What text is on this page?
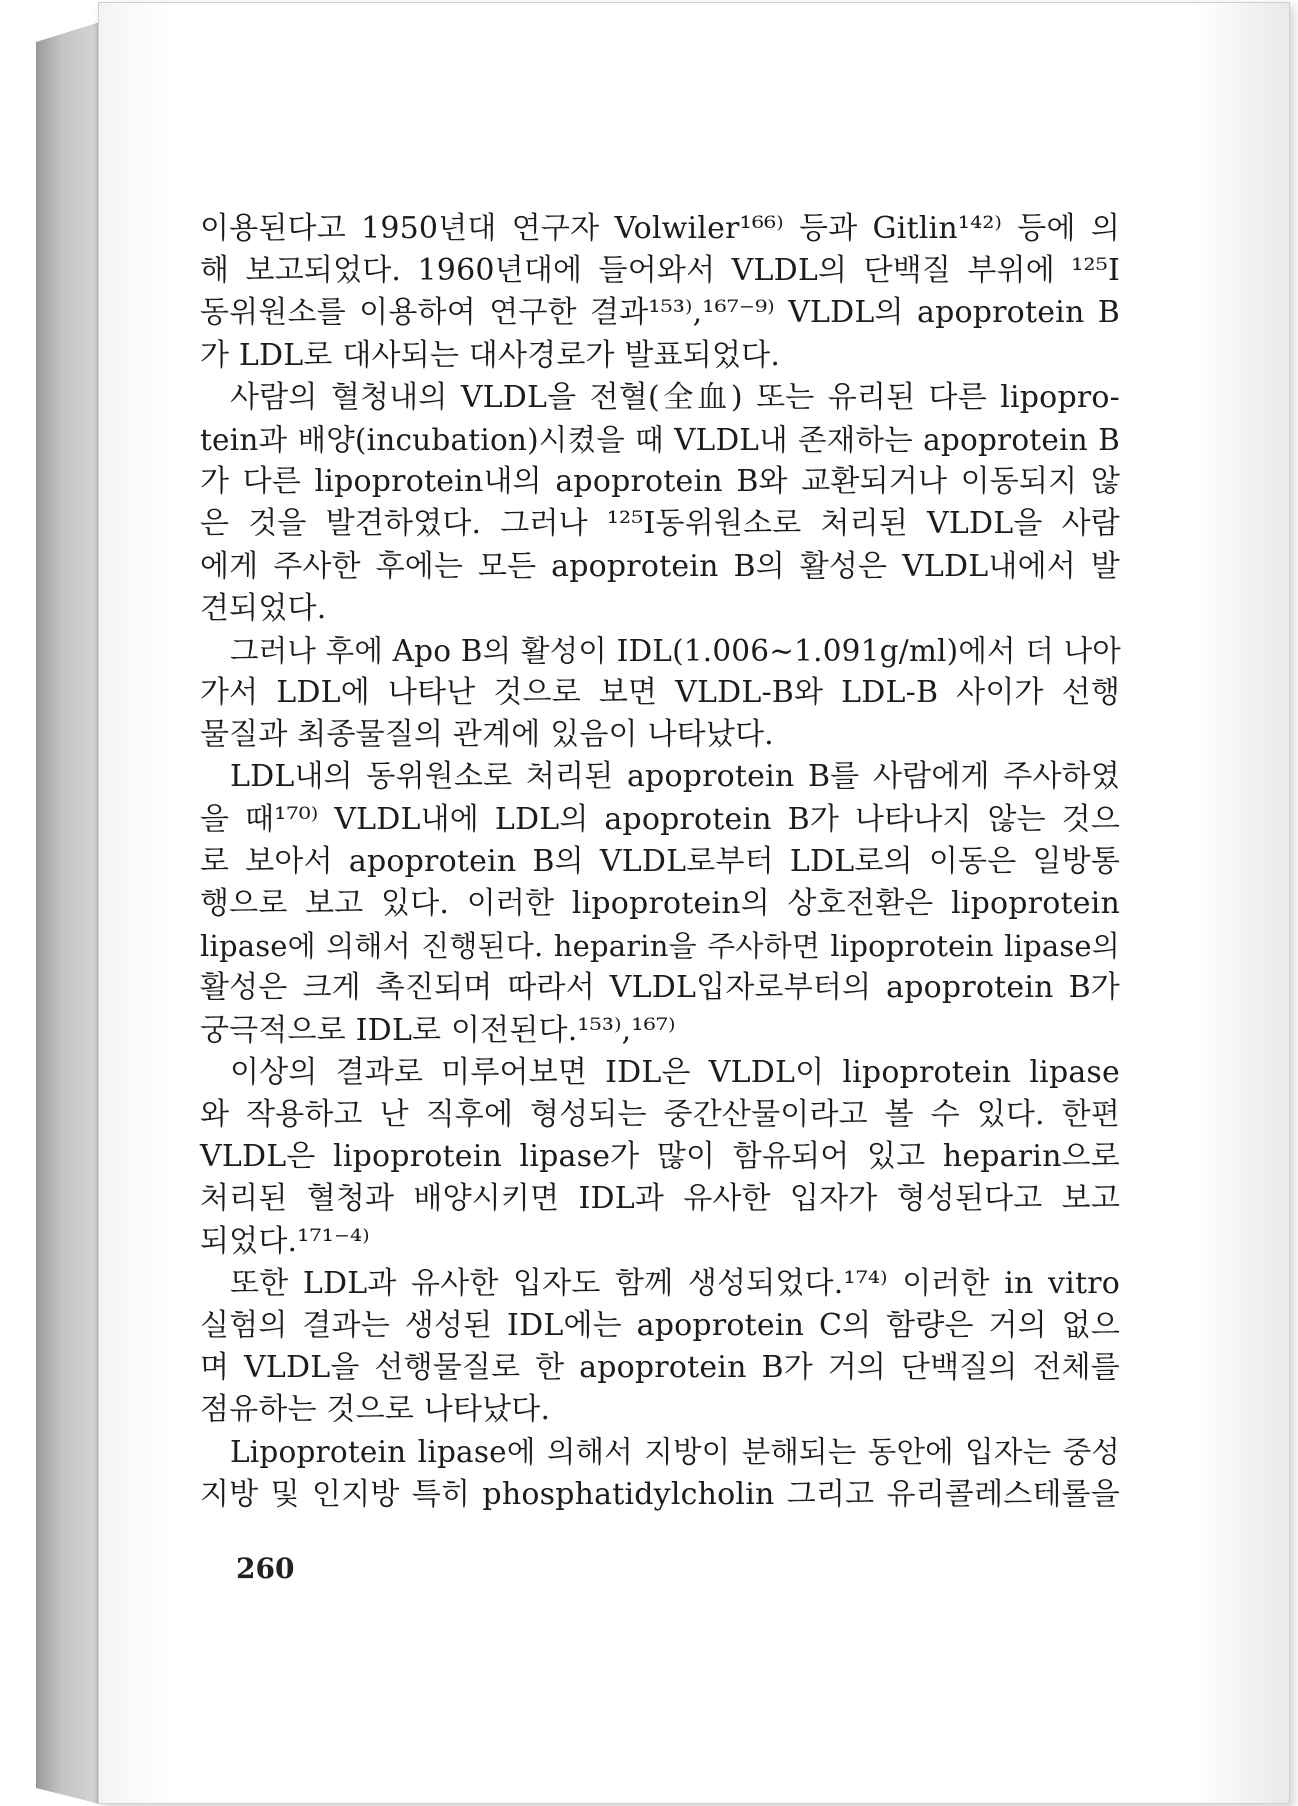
이용된다고 1950년대 연구자 Volwiler¹⁶⁶⁾ 등과 Gitlin¹⁴²⁾ 등에 의
해 보고되었다. 1960년대에 들어와서 VLDL의 단백질 부위에 ¹²⁵I
동위원소를 이용하여 연구한 결과¹⁵³⁾,¹⁶⁷⁻⁹⁾ VLDL의 apoprotein B
가 LDL로 대사되는 대사경로가 발표되었다.
사람의 혈청내의 VLDL을 전혈(全血) 또는 유리된 다른 lipopro-
tein과 배양(incubation)시켰을 때 VLDL내 존재하는 apoprotein B
가 다른 lipoprotein내의 apoprotein B와 교환되거나 이동되지 않
은 것을 발견하였다. 그러나 ¹²⁵I동위원소로 처리된 VLDL을 사람
에게 주사한 후에는 모든 apoprotein B의 활성은 VLDL내에서 발
견되었다.
그러나 후에 Apo B의 활성이 IDL(1.006∼1.091g/ml)에서 더 나아
가서 LDL에 나타난 것으로 보면 VLDL-B와 LDL-B 사이가 선행
물질과 최종물질의 관계에 있음이 나타났다.
LDL내의 동위원소로 처리된 apoprotein B를 사람에게 주사하였
을 때¹⁷⁰⁾ VLDL내에 LDL의 apoprotein B가 나타나지 않는 것으
로 보아서 apoprotein B의 VLDL로부터 LDL로의 이동은 일방통
행으로 보고 있다. 이러한 lipoprotein의 상호전환은 lipoprotein
lipase에 의해서 진행된다. heparin을 주사하면 lipoprotein lipase의
활성은 크게 촉진되며 따라서 VLDL입자로부터의 apoprotein B가
궁극적으로 IDL로 이전된다.¹⁵³⁾,¹⁶⁷⁾
이상의 결과로 미루어보면 IDL은 VLDL이 lipoprotein lipase
와 작용하고 난 직후에 형성되는 중간산물이라고 볼 수 있다. 한편
VLDL은 lipoprotein lipase가 많이 함유되어 있고 heparin으로
처리된 혈청과 배양시키면 IDL과 유사한 입자가 형성된다고 보고
되었다.¹⁷¹⁻⁴⁾
또한 LDL과 유사한 입자도 함께 생성되었다.¹⁷⁴⁾ 이러한 in vitro
실험의 결과는 생성된 IDL에는 apoprotein C의 함량은 거의 없으
며 VLDL을 선행물질로 한 apoprotein B가 거의 단백질의 전체를
점유하는 것으로 나타났다.
Lipoprotein lipase에 의해서 지방이 분해되는 동안에 입자는 중성
지방 및 인지방 특히 phosphatidylcholin 그리고 유리콜레스테롤을
260
